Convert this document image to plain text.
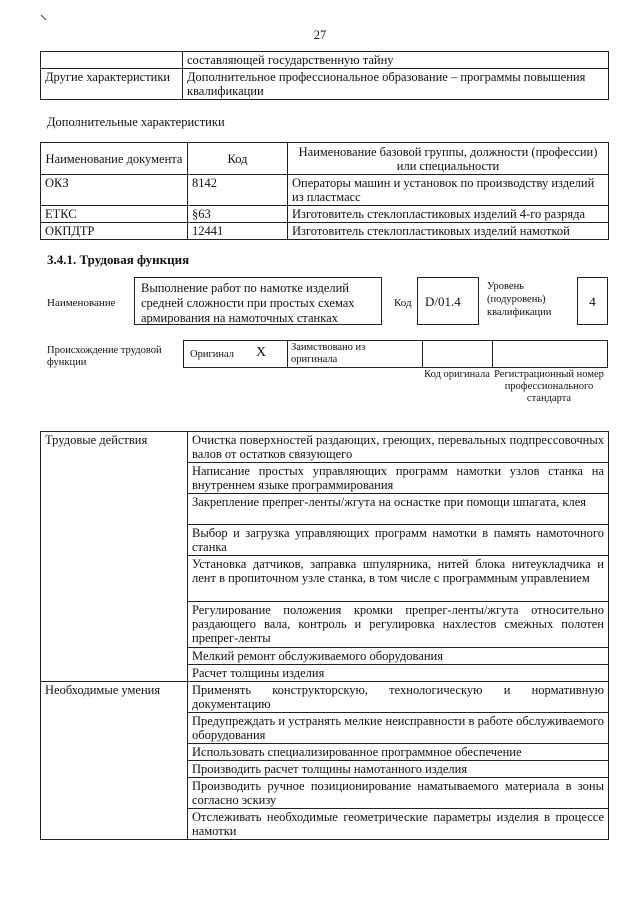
27
	составляющей государственную тайну
Другие характеристики	Дополнительное профессиональное образование – программы повышения квалификации
Дополнительные характеристики
Наименование документа	Код	Наименование базовой группы, должности (профессии) или специальности
ОКЗ	8142	Операторы машин и установок по производству изделий из пластмасс
ЕТКС	§63	Изготовитель стеклопластиковых изделий 4-го разряда
ОКПДТР	12441	Изготовитель стеклопластиковых изделий намоткой
3.4.1. Трудовая функция
Наименование
Выполнение работ по намотке изделий средней сложности при простых схемах армирования на намоточных станках
Код D/01.4
Уровень (подуровень) квалификации
4
Происхождение трудовой функции
Оригинал X Заимствовано из оригинала
Код оригинала Регистрационный номер профессионального стандарта
Трудовые действия	Очистка поверхностей раздающих, греющих, перевальных подпрессовочных валов от остатков связующего
	Написание простых управляющих программ намотки узлов станка на внутреннем языке программирования
	Закрепление препрег-ленты/жгута на оснастке при помощи шпагата, клея
	Выбор и загрузка управляющих программ намотки в память намоточного станка
	Установка датчиков, заправка шпулярника, нитей блока нитеукладчика и лент в пропиточном узле станка, в том числе с программным управлением
	Регулирование положения кромки препрег-ленты/жгута относительно раздающего вала, контроль и регулировка нахлестов смежных полотен препрег-ленты
	Мелкий ремонт обслуживаемого оборудования
	Расчет толщины изделия
Необходимые умения	Применять конструкторскую, технологическую и нормативную документацию
	Предупреждать и устранять мелкие неисправности в работе обслуживаемого оборудования
	Использовать специализированное программное обеспечение
	Производить расчет толщины намотанного изделия
	Производить ручное позиционирование наматываемого материала в зоны согласно эскизу
	Отслеживать необходимые геометрические параметры изделия в процессе намотки
